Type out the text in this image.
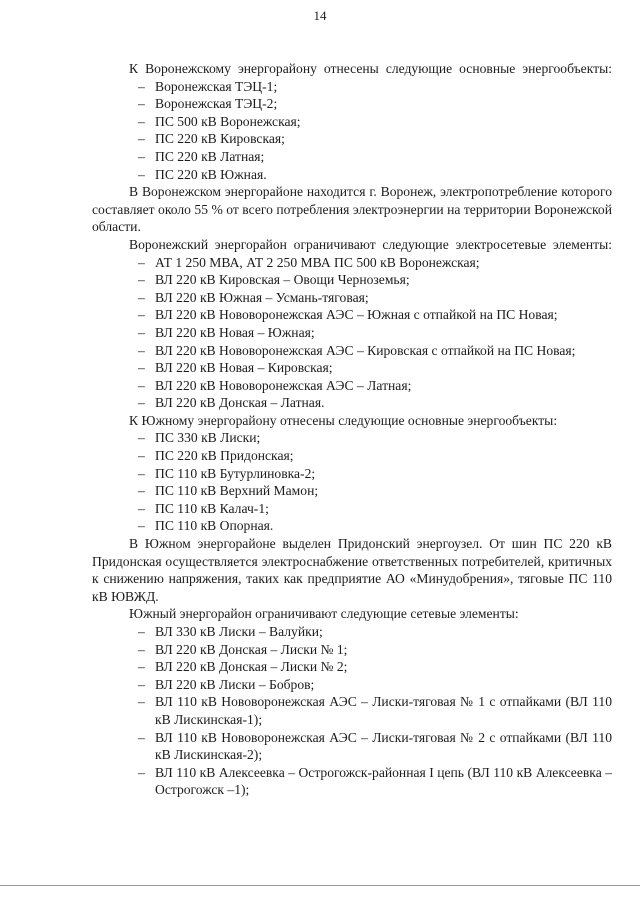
14

К Воронежскому энергорайону отнесены следующие основные энергообъекты:

– Воронежская ТЭЦ-1;
– Воронежская ТЭЦ-2;
– ПС 500 кВ Воронежская;
– ПС 220 кВ Кировская;
– ПС 220 кВ Латная;
– ПС 220 кВ Южная.

В Воронежском энергорайоне находится г. Воронеж, электропотребление которого составляет около 55 % от всего потребления электроэнергии на территории Воронежской области.

Воронежский энергорайон ограничивают следующие электросетевые элементы:

– АТ 1 250 МВА, АТ 2 250 МВА ПС 500 кВ Воронежская;
– ВЛ 220 кВ Кировская – Овощи Черноземья;
– ВЛ 220 кВ Южная – Усмань-тяговая;
– ВЛ 220 кВ Нововоронежская АЭС – Южная с отпайкой на ПС Новая;
– ВЛ 220 кВ Новая – Южная;
– ВЛ 220 кВ Нововоронежская АЭС – Кировская с отпайкой на ПС Новая;
– ВЛ 220 кВ Новая – Кировская;
– ВЛ 220 кВ Нововоронежская АЭС – Латная;
– ВЛ 220 кВ Донская – Латная.

К Южному энергорайону отнесены следующие основные энергообъекты:

– ПС 330 кВ Лиски;
– ПС 220 кВ Придонская;
– ПС 110 кВ Бутурлиновка-2;
– ПС 110 кВ Верхний Мамон;
– ПС 110 кВ Калач-1;
– ПС 110 кВ Опорная.

В Южном энергорайоне выделен Придонский энергоузел. От шин ПС 220 кВ Придонская осуществляется электроснабжение ответственных потребителей, критичных к снижению напряжения, таких как предприятие АО «Минудобрения», тяговые ПС 110 кВ ЮВЖД.

Южный энергорайон ограничивают следующие сетевые элементы:

– ВЛ 330 кВ Лиски – Валуйки;
– ВЛ 220 кВ Донская – Лиски № 1;
– ВЛ 220 кВ Донская – Лиски № 2;
– ВЛ 220 кВ Лиски – Бобров;
– ВЛ 110 кВ Нововоронежская АЭС – Лиски-тяговая № 1 с отпайками (ВЛ 110 кВ Лискинская-1);
– ВЛ 110 кВ Нововоронежская АЭС – Лиски-тяговая № 2 с отпайками (ВЛ 110 кВ Лискинская-2);
– ВЛ 110 кВ Алексеевка – Острогожск-районная I цепь (ВЛ 110 кВ Алексеевка – Острогожск –1);
